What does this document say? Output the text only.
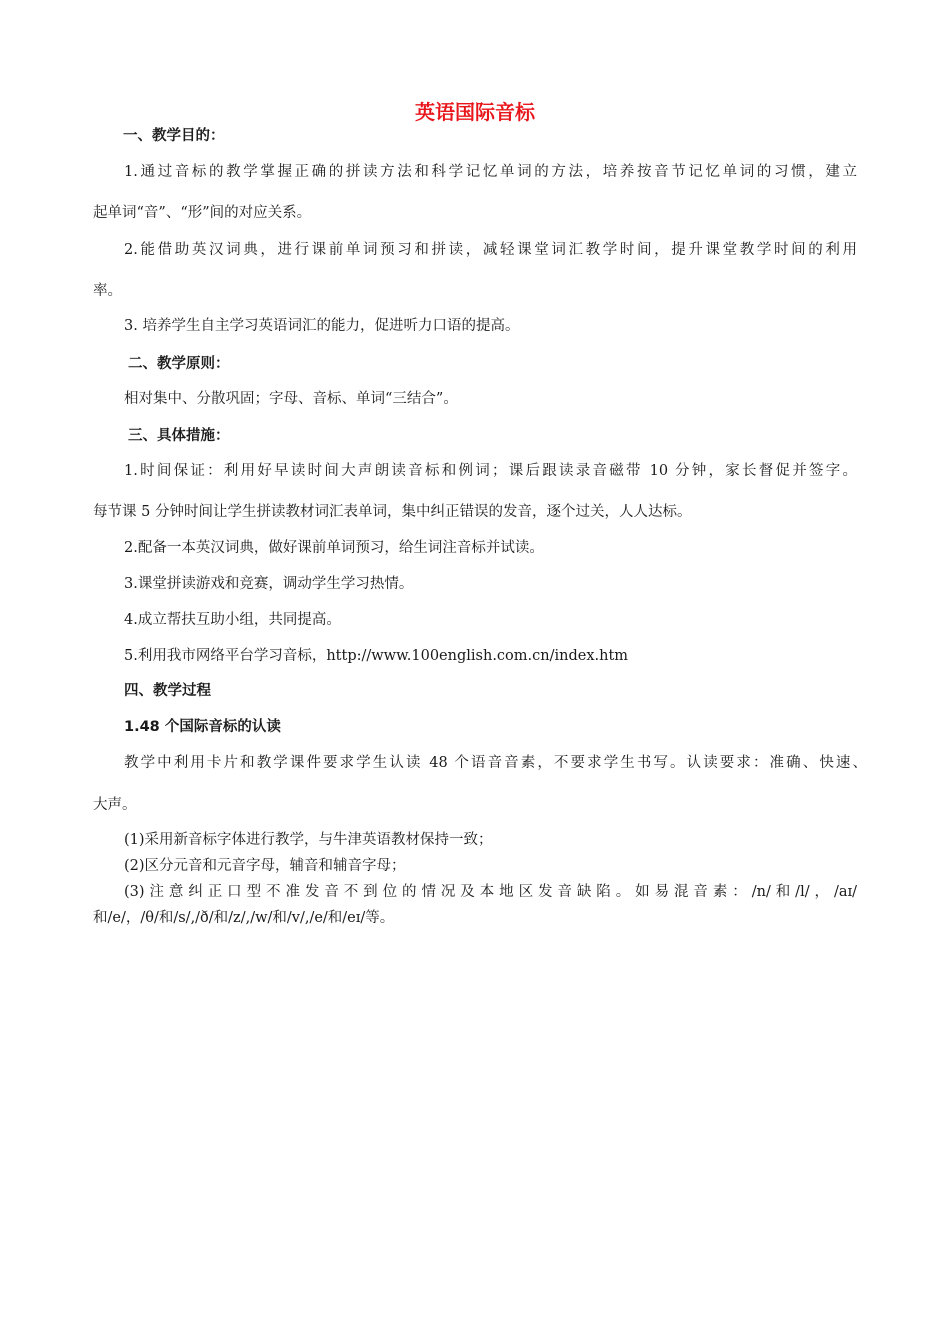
英语国际音标

一、教学目的：

1.通过音标的教学掌握正确的拼读方法和科学记忆单词的方法，培养按音节记忆单词的习惯，建立

起单词“音”、“形”间的对应关系。

2.能借助英汉词典，进行课前单词预习和拼读，减轻课堂词汇教学时间，提升课堂教学时间的利用

率。

3. 培养学生自主学习英语词汇的能力，促进听力口语的提高。

二、教学原则：

相对集中、分散巩固；字母、音标、单词“三结合”。

三、具体措施：

1.时间保证：利用好早读时间大声朗读音标和例词；课后跟读录音磁带 10 分钟，家长督促并签字。

每节课 5 分钟时间让学生拼读教材词汇表单词，集中纠正错误的发音，逐个过关，人人达标。

2.配备一本英汉词典，做好课前单词预习，给生词注音标并试读。

3.课堂拼读游戏和竞赛，调动学生学习热情。

4.成立帮扶互助小组，共同提高。

5.利用我市网络平台学习音标，http://www.100english.com.cn/index.htm

四、教学过程

1.48 个国际音标的认读

教学中利用卡片和教学课件要求学生认读 48 个语音音素，不要求学生书写。认读要求：准确、快速、

大声。

(1)采用新音标字体进行教学，与牛津英语教材保持一致；

(2)区分元音和元音字母，辅音和辅音字母；

(3)注意纠正口型不准发音不到位的情况及本地区发音缺陷。如易混音素：/n/和/l/，/aɪ/

和/e/，/θ/和/s/,/ð/和/z/,/w/和/v/,/e/和/eɪ/等。
